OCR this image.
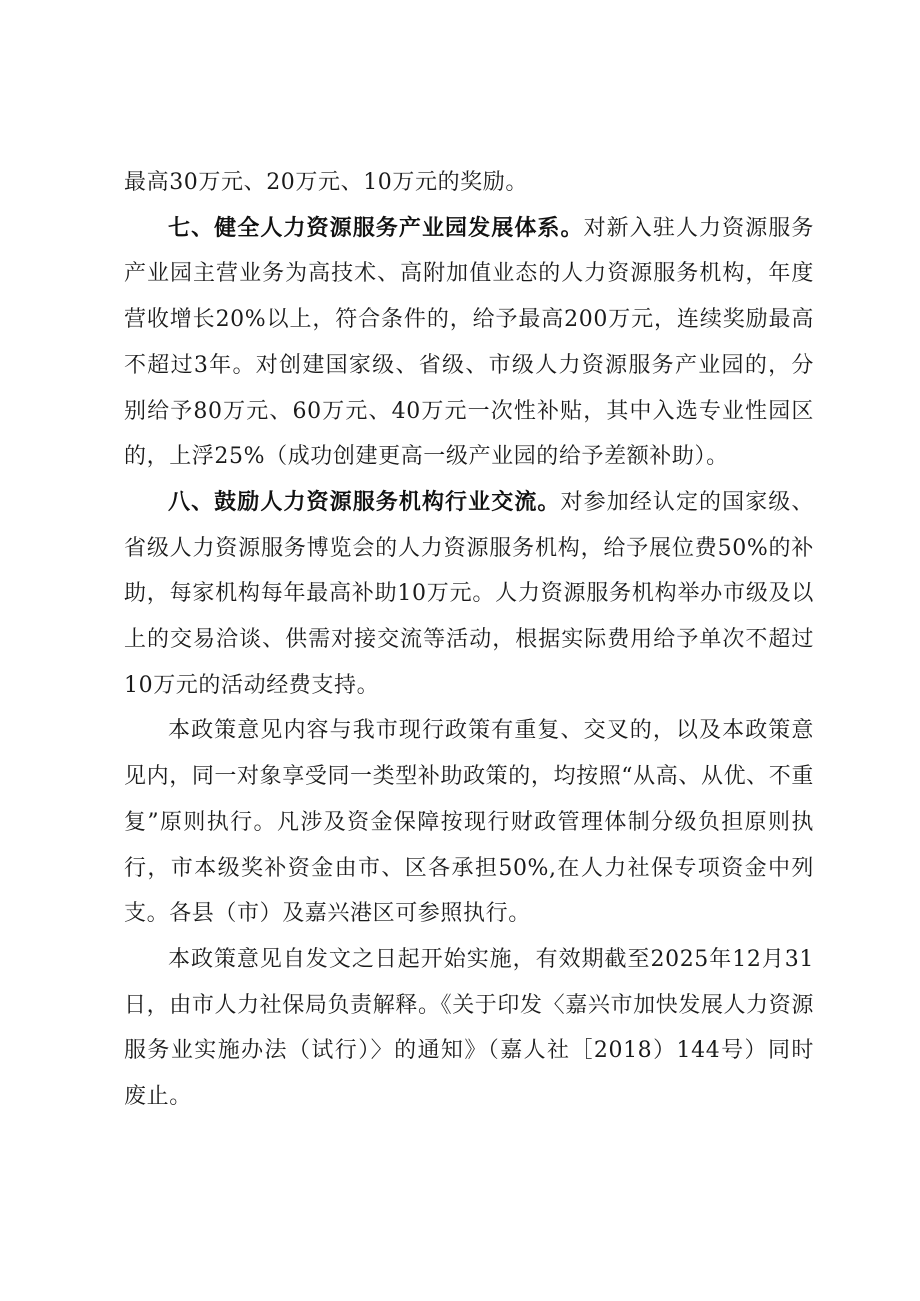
最高30万元、20万元、10万元的奖励。

七、健全人力资源服务产业园发展体系。对新入驻人力资源服务产业园主营业务为高技术、高附加值业态的人力资源服务机构，年度营收增长20%以上，符合条件的，给予最高200万元，连续奖励最高不超过3年。对创建国家级、省级、市级人力资源服务产业园的，分别给予80万元、60万元、40万元一次性补贴，其中入选专业性园区的，上浮25%（成功创建更高一级产业园的给予差额补助）。

八、鼓励人力资源服务机构行业交流。对参加经认定的国家级、省级人力资源服务博览会的人力资源服务机构，给予展位费50%的补助，每家机构每年最高补助10万元。人力资源服务机构举办市级及以上的交易洽谈、供需对接交流等活动，根据实际费用给予单次不超过10万元的活动经费支持。

本政策意见内容与我市现行政策有重复、交叉的，以及本政策意见内，同一对象享受同一类型补助政策的，均按照“从高、从优、不重复”原则执行。凡涉及资金保障按现行财政管理体制分级负担原则执行，市本级奖补资金由市、区各承担50%,在人力社保专项资金中列支。各县（市）及嘉兴港区可参照执行。

本政策意见自发文之日起开始实施，有效期截至2025年12月31日，由市人力社保局负责解释。《关于印发〈嘉兴市加快发展人力资源服务业实施办法（试行）〉的通知》（嘉人社［2018）144号）同时废止。
